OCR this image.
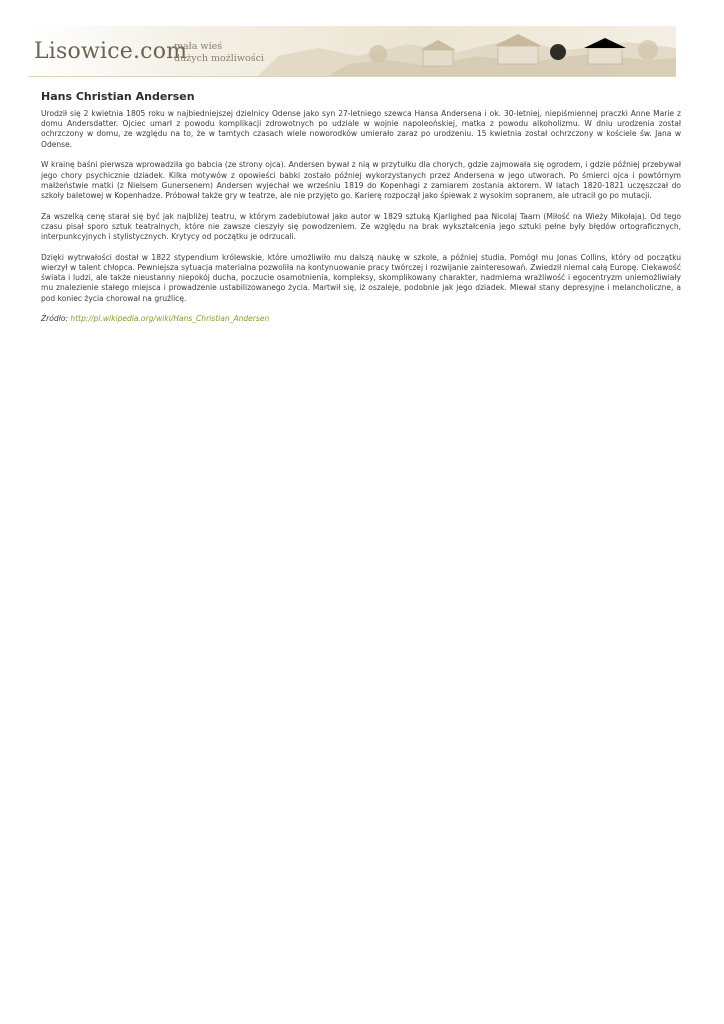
Lisowice.com
mała wieś
dużych możliwości
Hans Christian Andersen

Urodził się 2 kwietnia 1805 roku w najbiedniejszej dzielnicy Odense jako syn 27-letniego szewca Hansa Andersena i ok. 30-letniej, niepiśmiennej praczki Anne Marie z domu Andersdatter. Ojciec umarł z powodu komplikacji zdrowotnych po udziale w wojnie napoleońskiej, matka z powodu alkoholizmu. W dniu urodzenia został ochrzczony w domu, ze względu na to, że w tamtych czasach wiele noworodków umierało zaraz po urodzeniu. 15 kwietnia został ochrzczony w kościele św. Jana w Odense.

W krainę baśni pierwsza wprowadziła go babcia (ze strony ojca). Andersen bywał z nią w przytułku dla chorych, gdzie zajmowała się ogrodem, i gdzie później przebywał jego chory psychicznie dziadek. Kilka motywów z opowieści babki zostało później wykorzystanych przez Andersena w jego utworach. Po śmierci ojca i powtórnym małżeństwie matki (z Nielsem Gunersenem) Andersen wyjechał we wrześniu 1819 do Kopenhagi z zamiarem zostania aktorem. W latach 1820-1821 uczęszczał do szkoły baletowej w Kopenhadze. Próbował także gry w teatrze, ale nie przyjęto go. Karierę rozpoczął jako śpiewak z wysokim sopranem, ale utracił go po mutacji.

Za wszelką cenę starał się być jak najbliżej teatru, w którym zadebiutował jako autor w 1829 sztuką Kjarlighed paa Nicolaj Taarn (Miłość na Wieży Mikołaja). Od tego czasu pisał sporo sztuk teatralnych, które nie zawsze cieszyły się powodzeniem. Ze względu na brak wykształcenia jego sztuki pełne były błędów ortograficznych, interpunkcyjnych i stylistycznych. Krytycy od początku je odrzucali.

Dzięki wytrwałości dostał w 1822 stypendium królewskie, które umożliwiło mu dalszą naukę w szkole, a później studia. Pomógł mu Jonas Collins, który od początku wierzył w talent chłopca. Pewniejsza sytuacja materialna pozwoliła na kontynuowanie pracy twórczej i rozwijanie zainteresowań. Zwiedził niemal całą Europę. Ciekawość świata i ludzi, ale także nieustanny niepokój ducha, poczucie osamotnienia, kompleksy, skomplikowany charakter, nadmierna wrażliwość i egocentryzm uniemożliwiały mu znalezienie stałego miejsca i prowadzenie ustabilizowanego życia. Martwił się, iż oszaleje, podobnie jak jego dziadek. Miewał stany depresyjne i melancholiczne, a pod koniec życia chorował na gruźlicę.

Źródło: http://pl.wikipedia.org/wiki/Hans_Christian_Andersen
